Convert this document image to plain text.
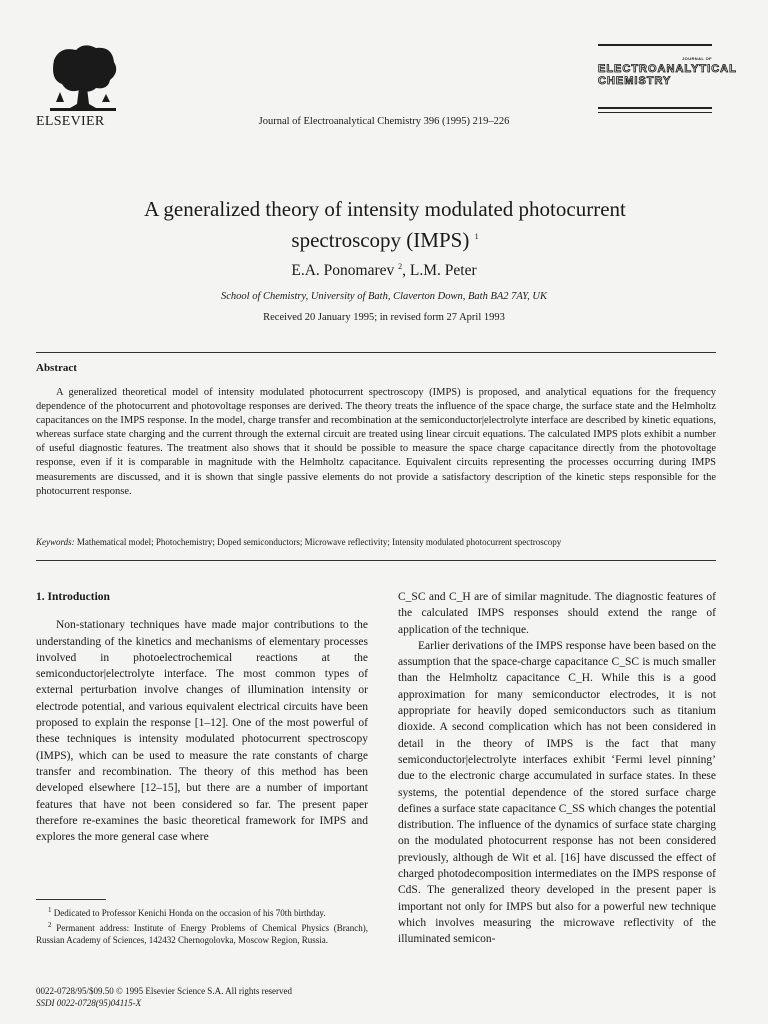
ELSEVIER	Journal of Electroanalytical Chemistry 396 (1995) 219–226
JOURNAL OF
ELECTROANALYTICAL
CHEMISTRY
A generalized theory of intensity modulated photocurrent
spectroscopy (IMPS) $^1$
E.A. Ponomarev $^2$, L.M. Peter
School of Chemistry, University of Bath, Claverton Down, Bath BA2 7AY, UK
Received 20 January 1995; in revised form 27 April 1993
Abstract
A generalized theoretical model of intensity modulated photocurrent spectroscopy (IMPS) is proposed, and analytical equations for the frequency dependence of the photocurrent and photovoltage responses are derived. The theory treats the influence of the space charge, the surface state and the Helmholtz capacitances on the IMPS response. In the model, charge transfer and recombination at the semiconductor|electrolyte interface are described by kinetic equations, whereas surface state charging and the current through the external circuit are treated using linear circuit equations. The calculated IMPS plots exhibit a number of useful diagnostic features. The treatment also shows that it should be possible to measure the space charge capacitance directly from the photovoltage response, even if it is comparable in magnitude with the Helmholtz capacitance. Equivalent circuits representing the processes occurring during IMPS measurements are discussed, and it is shown that single passive elements do not provide a satisfactory description of the kinetic steps responsible for the photocurrent response.
Keywords: Mathematical model; Photochemistry; Doped semiconductors; Microwave reflectivity; Intensity modulated photocurrent spectroscopy
1. Introduction

Non-stationary techniques have made major contributions to the understanding of the kinetics and mechanisms of elementary processes involved in photoelectrochemical reactions at the semiconductor|electrolyte interface. The most common types of external perturbation involve changes of illumination intensity or electrode potential, and various equivalent electrical circuits have been proposed to explain the response [1–12]. One of the most powerful of these techniques is intensity modulated photocurrent spectroscopy (IMPS), which can be used to measure the rate constants of charge transfer and recombination. The theory of this method has been developed elsewhere [12–15], but there are a number of important features that have not been considered so far. The present paper therefore re-examines the basic theoretical framework for IMPS and explores the more general case where

C_SC and C_H are of similar magnitude. The diagnostic features of the calculated IMPS responses should extend the range of application of the technique.

Earlier derivations of the IMPS response have been based on the assumption that the space-charge capacitance C_SC is much smaller than the Helmholtz capacitance C_H. While this is a good approximation for many semiconductor electrodes, it is not appropriate for heavily doped semiconductors such as titanium dioxide. A second complication which has not been considered in detail in the theory of IMPS is the fact that many semiconductor|electrolyte interfaces exhibit ‘Fermi level pinning’ due to the electronic charge accumulated in surface states. In these systems, the potential dependence of the stored surface charge defines a surface state capacitance C_SS which changes the potential distribution. The influence of the dynamics of surface state charging on the modulated photocurrent response has not been considered previously, although de Wit et al. [16] have discussed the effect of charged photodecomposition intermediates on the IMPS response of CdS. The generalized theory developed in the present paper is important not only for IMPS but also for a powerful new technique which involves measuring the microwave reflectivity of the illuminated semicon-

$^1$ Dedicated to Professor Kenichi Honda on the occasion of his 70th birthday.

$^2$ Permanent address: Institute of Energy Problems of Chemical Physics (Branch), Russian Academy of Sciences, 142432 Chernogolovka, Moscow Region, Russia.

0022-0728/95/$09.50 © 1995 Elsevier Science S.A. All rights reserved
SSDI 0022-0728(95)04115-X
